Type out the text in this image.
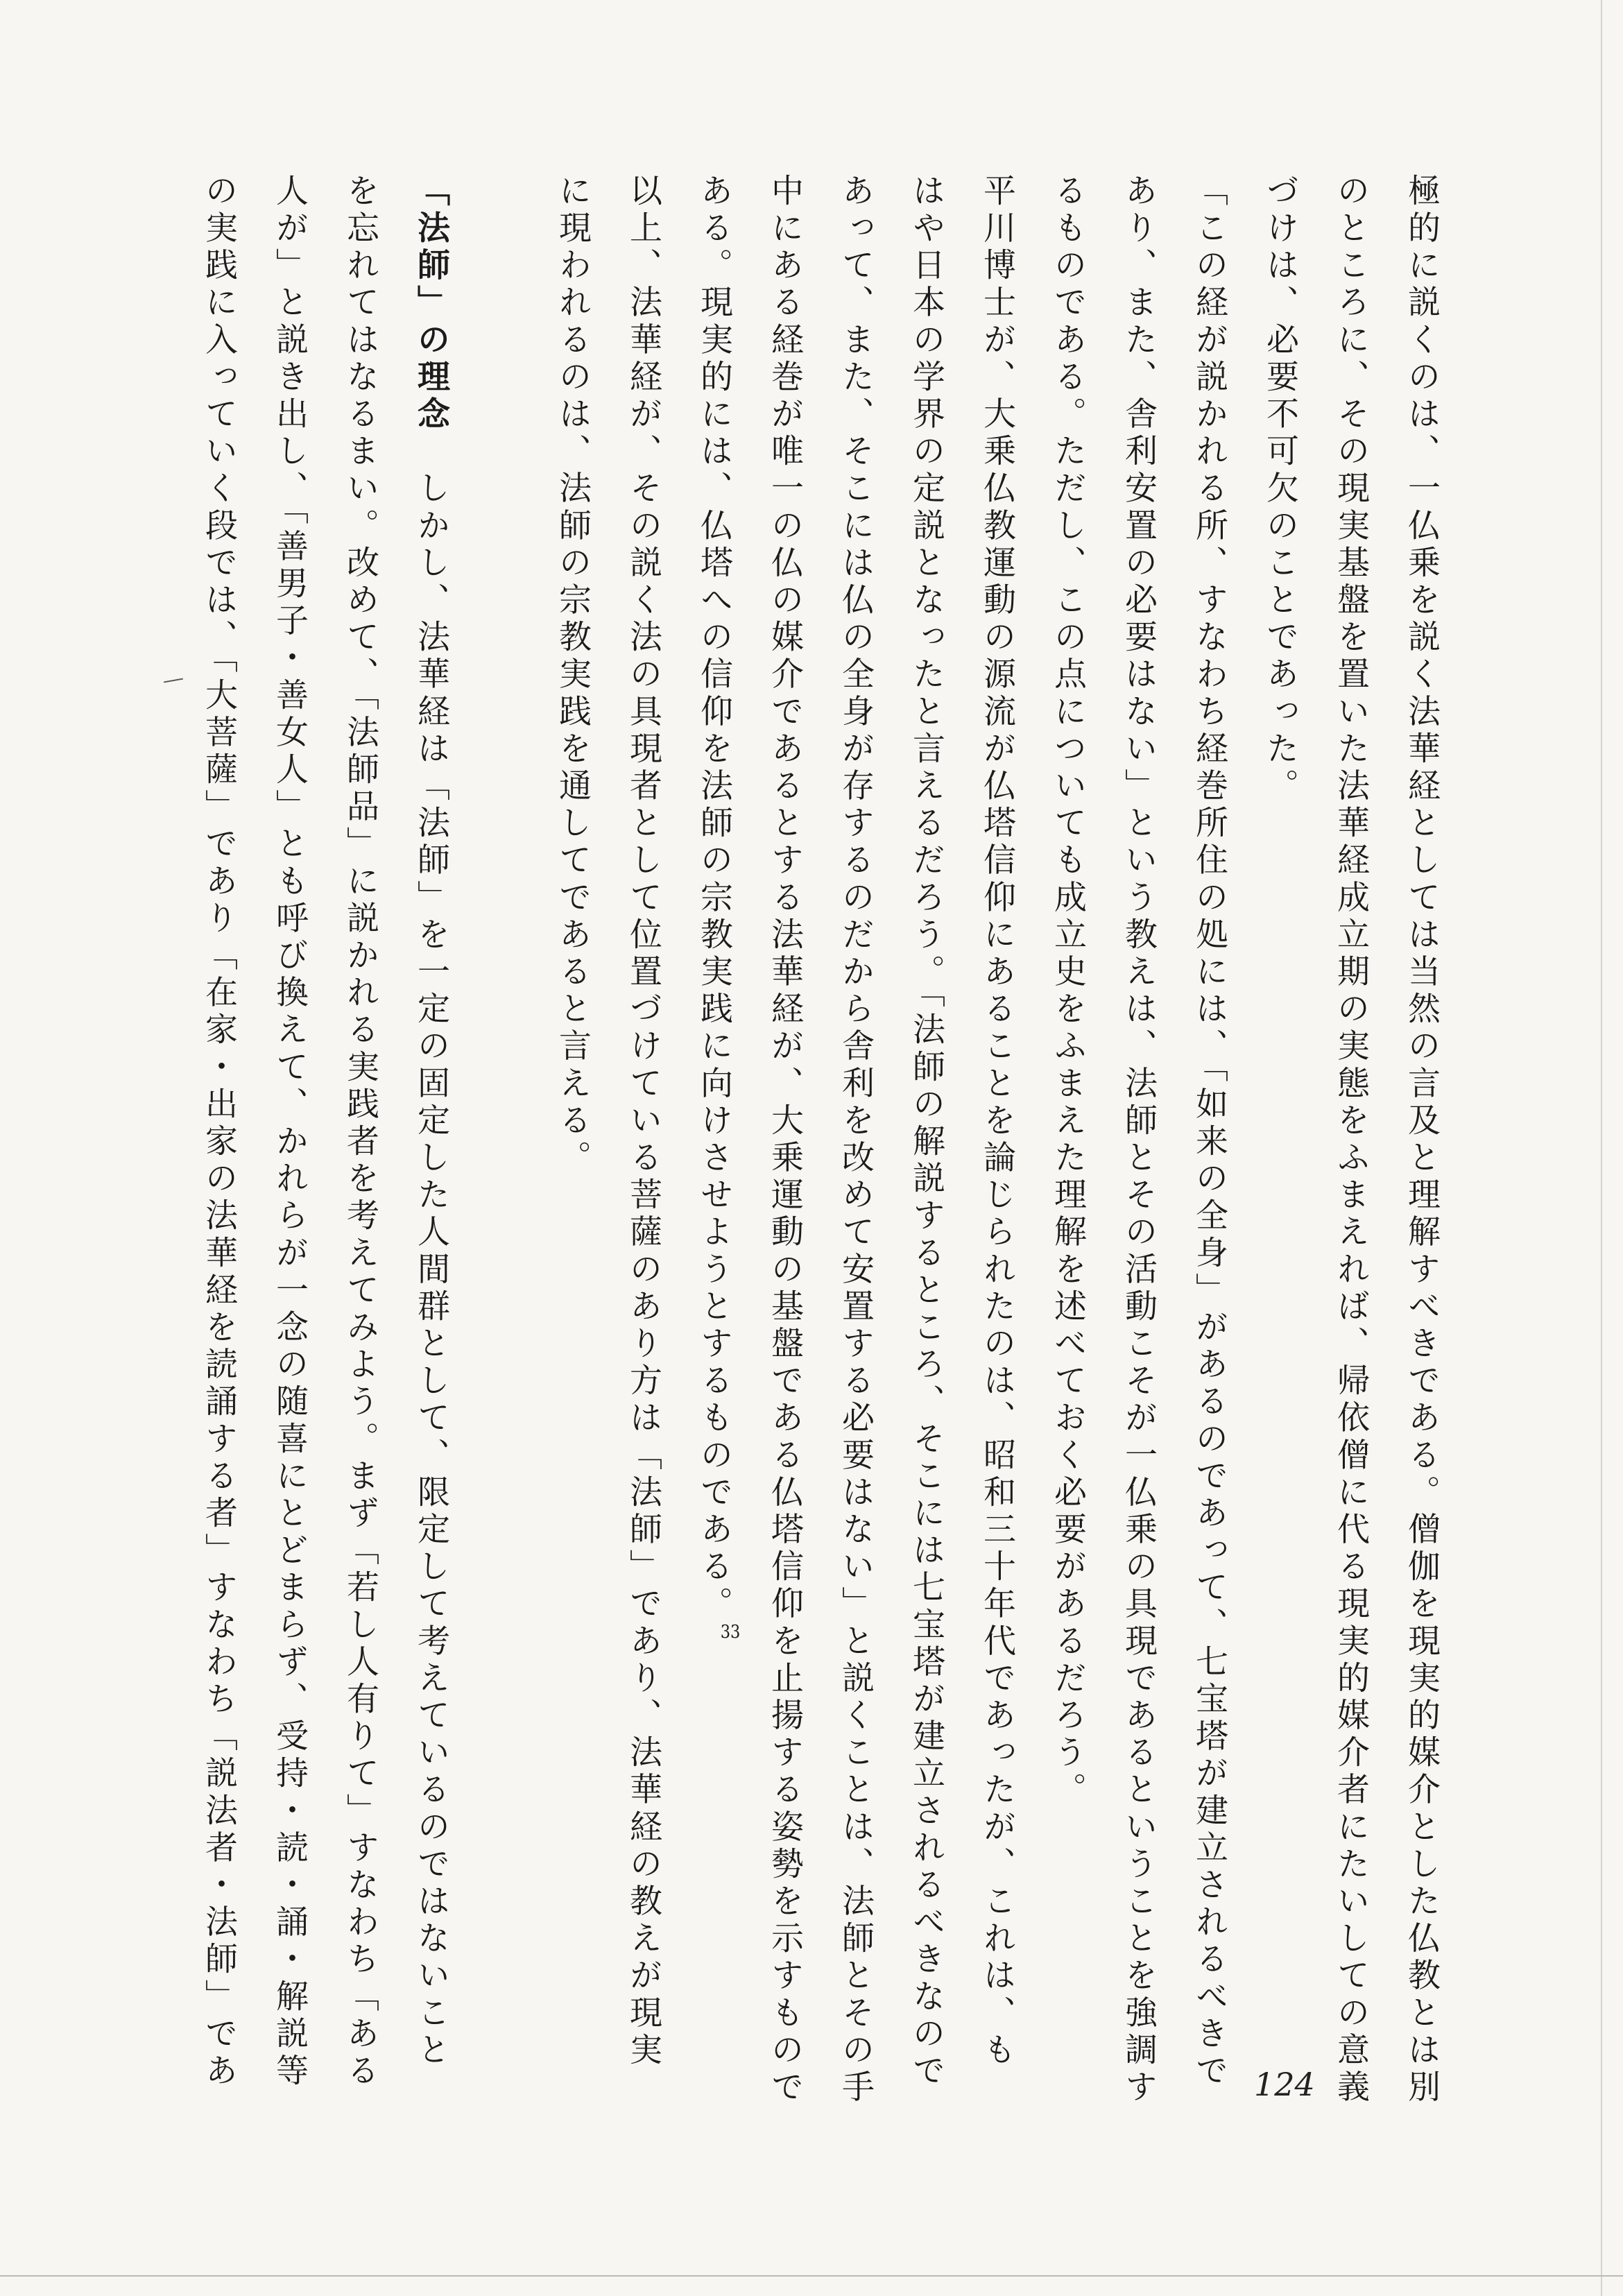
極的に説くのは、一仏乗を説く法華経としては当然の言及と理解すべきである。僧伽を現実的媒介とした仏教とは別
のところに、その現実基盤を置いた法華経成立期の実態をふまえれば、帰依僧に代る現実的媒介者にたいしての意義
づけは、必要不可欠のことであった。
「この経が説かれる所、すなわち経巻所住の処には、「如来の全身」があるのであって、七宝塔が建立されるべきで
あり、また、舎利安置の必要はない」という教えは、法師とその活動こそが一仏乗の具現であるということを強調す
るものである。ただし、この点についても成立史をふまえた理解を述べておく必要があるだろう。
平川博士が、大乗仏教運動の源流が仏塔信仰にあることを論じられたのは、昭和三十年代であったが、これは、も
はや日本の学界の定説となったと言えるだろう。「法師の解説するところ、そこには七宝塔が建立されるべきなので
あって、また、そこには仏の全身が存するのだから舎利を改めて安置する必要はない」と説くことは、法師とその手
中にある経巻が唯一の仏の媒介であるとする法華経が、大乗運動の基盤である仏塔信仰を止揚する姿勢を示すもので
ある。現実的には、仏塔への信仰を法師の宗教実践に向けさせようとするものである。$^{33}$
以上、法華経が、その説く法の具現者として位置づけている菩薩のあり方は「法師」であり、法華経の教えが現実
に現われるのは、法師の宗教実践を通してであると言える。
「法師」の理念　しかし、法華経は「法師」を一定の固定した人間群として、限定して考えているのではないこと
を忘れてはなるまい。改めて、「法師品」に説かれる実践者を考えてみよう。まず「若し人有りて」すなわち「ある
人が」と説き出し、「善男子・善女人」とも呼び換えて、かれらが一念の随喜にとどまらず、受持・読・誦・解説等
の実践に入っていく段では、「大菩薩」であり「在家・出家の法華経を読誦する者」すなわち「説法者・法師」であ	124
